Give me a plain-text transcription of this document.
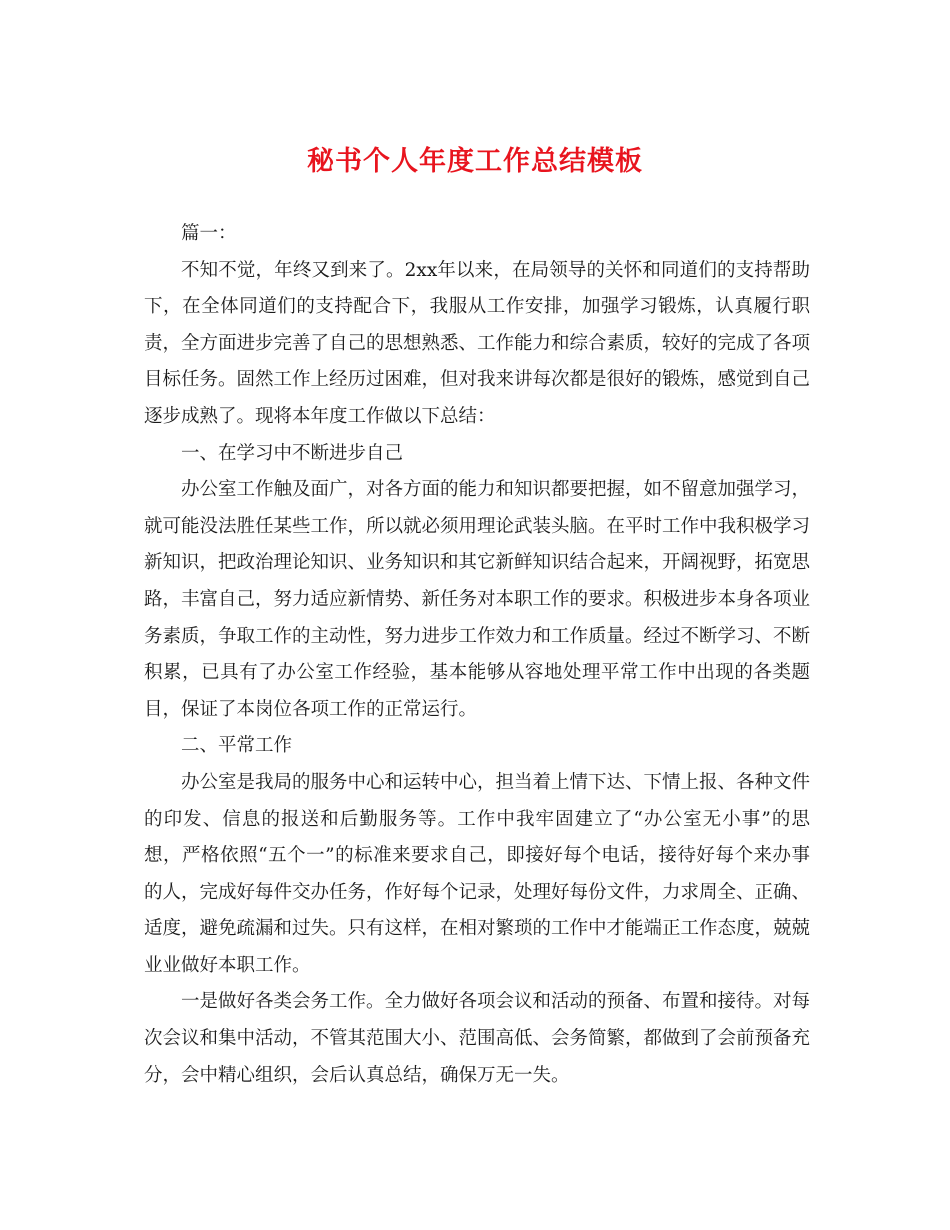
秘书个人年度工作总结模板

篇一：

不知不觉，年终又到来了。2xx年以来，在局领导的关怀和同道们的支持帮助下，在全体同道们的支持配合下，我服从工作安排，加强学习锻炼，认真履行职责，全方面进步完善了自己的思想熟悉、工作能力和综合素质，较好的完成了各项目标任务。固然工作上经历过困难，但对我来讲每次都是很好的锻炼，感觉到自己逐步成熟了。现将本年度工作做以下总结：

一、在学习中不断进步自己

办公室工作触及面广，对各方面的能力和知识都要把握，如不留意加强学习，就可能没法胜任某些工作，所以就必须用理论武装头脑。在平时工作中我积极学习新知识，把政治理论知识、业务知识和其它新鲜知识结合起来，开阔视野，拓宽思路，丰富自己，努力适应新情势、新任务对本职工作的要求。积极进步本身各项业务素质，争取工作的主动性，努力进步工作效力和工作质量。经过不断学习、不断积累，已具有了办公室工作经验，基本能够从容地处理平常工作中出现的各类题目，保证了本岗位各项工作的正常运行。

二、平常工作

办公室是我局的服务中心和运转中心，担当着上情下达、下情上报、各种文件的印发、信息的报送和后勤服务等。工作中我牢固建立了“办公室无小事”的思想，严格依照“五个一”的标准来要求自己，即接好每个电话，接待好每个来办事的人，完成好每件交办任务，作好每个记录，处理好每份文件，力求周全、正确、适度，避免疏漏和过失。只有这样，在相对繁琐的工作中才能端正工作态度，兢兢业业做好本职工作。

一是做好各类会务工作。全力做好各项会议和活动的预备、布置和接待。对每次会议和集中活动，不管其范围大小、范围高低、会务简繁，都做到了会前预备充分，会中精心组织，会后认真总结，确保万无一失。
